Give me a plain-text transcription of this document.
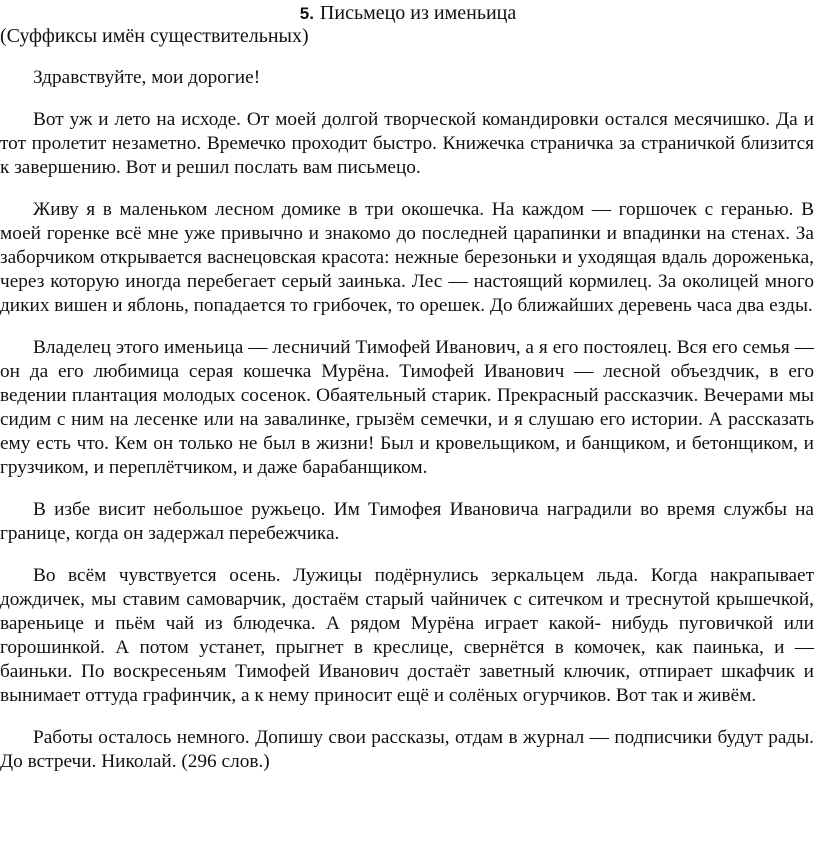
5. Письмецо из именьица
(Суффиксы имён существительных)

Здравствуйте, мои дорогие!

Вот уж и лето на исходе. От моей долгой творческой командировки остался месячишко. Да и тот пролетит незаметно. Времечко проходит быстро. Книжечка страничка за страничкой близится к завершению. Вот и решил послать вам письмецо.

Живу я в маленьком лесном домике в три окошечка. На каждом — горшочек с геранью. В моей горенке всё мне уже привычно и знакомо до последней царапинки и впадинки на стенах. За заборчиком открывается васнецовская красота: нежные березоньки и уходящая вдаль дороженька, через которую иногда перебегает серый заинька. Лес — настоящий кормилец. За околицей много диких вишен и яблонь, попадается то грибочек, то орешек. До ближайших деревень часа два езды.

Владелец этого именьица — лесничий Тимофей Иванович, а я его постоялец. Вся его семья — он да его любимица серая кошечка Мурёна. Тимофей Иванович — лесной объездчик, в его ведении плантация молодых сосенок. Обаятельный старик. Прекрасный рассказчик. Вечерами мы сидим с ним на лесенке или на завалинке, грызём семечки, и я слушаю его истории. А рассказать ему есть что. Кем он только не был в жизни! Был и кровельщиком, и банщиком, и бетонщиком, и грузчиком, и переплётчиком, и даже барабанщиком.

В избе висит небольшое ружьецо. Им Тимофея Ивановича наградили во время службы на границе, когда он задержал перебежчика.

Во всём чувствуется осень. Лужицы подёрнулись зеркальцем льда. Когда накрапывает дождичек, мы ставим самоварчик, достаём старый чайничек с ситечком и треснутой крышечкой, вареньице и пьём чай из блюдечка. А рядом Мурёна играет какой- нибудь пуговичкой или горошинкой. А потом устанет, прыгнет в креслице, свернётся в комочек, как паинька, и — баиньки. По воскресеньям Тимофей Иванович достаёт заветный ключик, отпирает шкафчик и вынимает оттуда графинчик, а к нему приносит ещё и солёных огурчиков. Вот так и живём.

Работы осталось немного. Допишу свои рассказы, отдам в журнал — подписчики будут рады. До встречи. Николай. (296 слов.)
